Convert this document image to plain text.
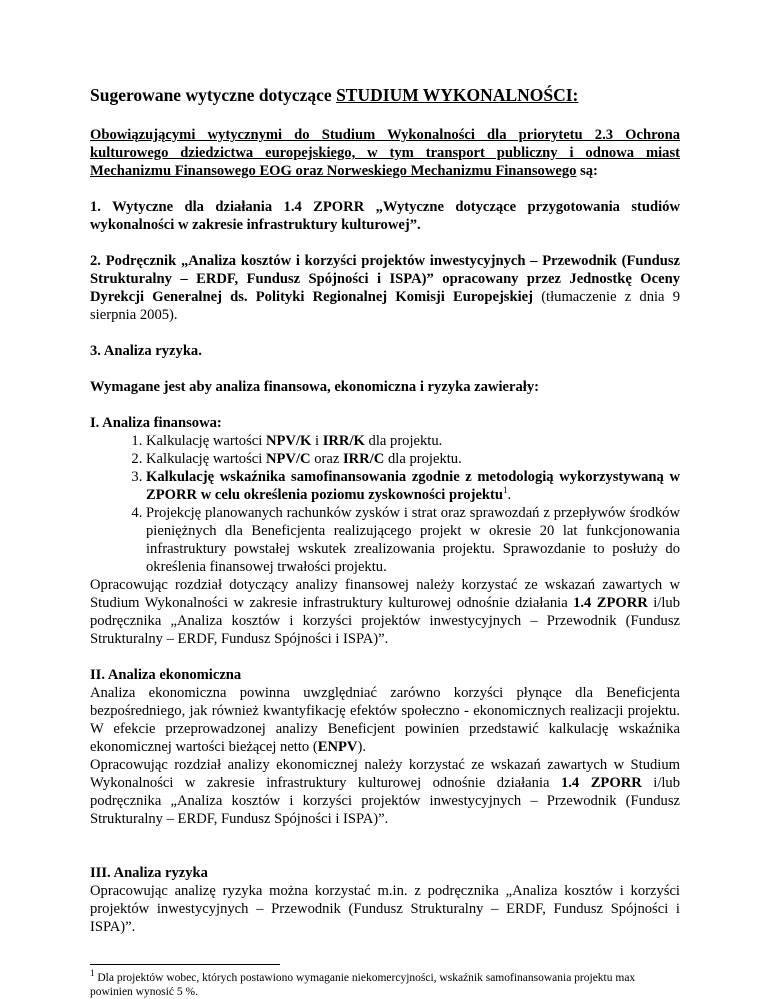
Sugerowane wytyczne dotyczące STUDIUM WYKONALNOŚCI:

Obowiązującymi wytycznymi do Studium Wykonalności dla priorytetu 2.3 Ochrona kulturowego dziedzictwa europejskiego, w tym transport publiczny i odnowa miast Mechanizmu Finansowego EOG oraz Norweskiego Mechanizmu Finansowego są:

1. Wytyczne dla działania 1.4 ZPORR „Wytyczne dotyczące przygotowania studiów wykonalności w zakresie infrastruktury kulturowej”.

2. Podręcznik „Analiza kosztów i korzyści projektów inwestycyjnych – Przewodnik (Fundusz Strukturalny – ERDF, Fundusz Spójności i ISPA)” opracowany przez Jednostkę Oceny Dyrekcji Generalnej ds. Polityki Regionalnej Komisji Europejskiej (tłumaczenie z dnia 9 sierpnia 2005).

3. Analiza ryzyka.

Wymagane jest aby analiza finansowa, ekonomiczna i ryzyka zawierały:

I. Analiza finansowa:
1. Kalkulację wartości NPV/K i IRR/K dla projektu.
2. Kalkulację wartości NPV/C oraz IRR/C dla projektu.
3. Kalkulację wskaźnika samofinansowania zgodnie z metodologią wykorzystywaną w ZPORR w celu określenia poziomu zyskowności projektu$^1$.
4. Projekcję planowanych rachunków zysków i strat oraz sprawozdań z przepływów środków pieniężnych dla Beneficjenta realizującego projekt w okresie 20 lat funkcjonowania infrastruktury powstałej wskutek zrealizowania projektu. Sprawozdanie to posłuży do określenia finansowej trwałości projektu.
Opracowując rozdział dotyczący analizy finansowej należy korzystać ze wskazań zawartych w Studium Wykonalności w zakresie infrastruktury kulturowej odnośnie działania 1.4 ZPORR i/lub podręcznika „Analiza kosztów i korzyści projektów inwestycyjnych – Przewodnik (Fundusz Strukturalny – ERDF, Fundusz Spójności i ISPA)”.
II. Analiza ekonomiczna
Analiza ekonomiczna powinna uwzględniać zarówno korzyści płynące dla Beneficjenta bezpośredniego, jak również kwantyfikację efektów społeczno - ekonomicznych realizacji projektu. W efekcie przeprowadzonej analizy Beneficjent powinien przedstawić kalkulację wskaźnika ekonomicznej wartości bieżącej netto (ENPV).
Opracowując rozdział analizy ekonomicznej należy korzystać ze wskazań zawartych w Studium Wykonalności w zakresie infrastruktury kulturowej odnośnie działania 1.4 ZPORR i/lub podręcznika „Analiza kosztów i korzyści projektów inwestycyjnych – Przewodnik (Fundusz Strukturalny – ERDF, Fundusz Spójności i ISPA)”.
III. Analiza ryzyka
Opracowując analizę ryzyka można korzystać m.in. z podręcznika „Analiza kosztów i korzyści projektów inwestycyjnych – Przewodnik (Fundusz Strukturalny – ERDF, Fundusz Spójności i ISPA)”.
$^1$ Dla projektów wobec, których postawiono wymaganie niekomercyjności, wskaźnik samofinansowania projektu max powinien wynosić 5 %.
